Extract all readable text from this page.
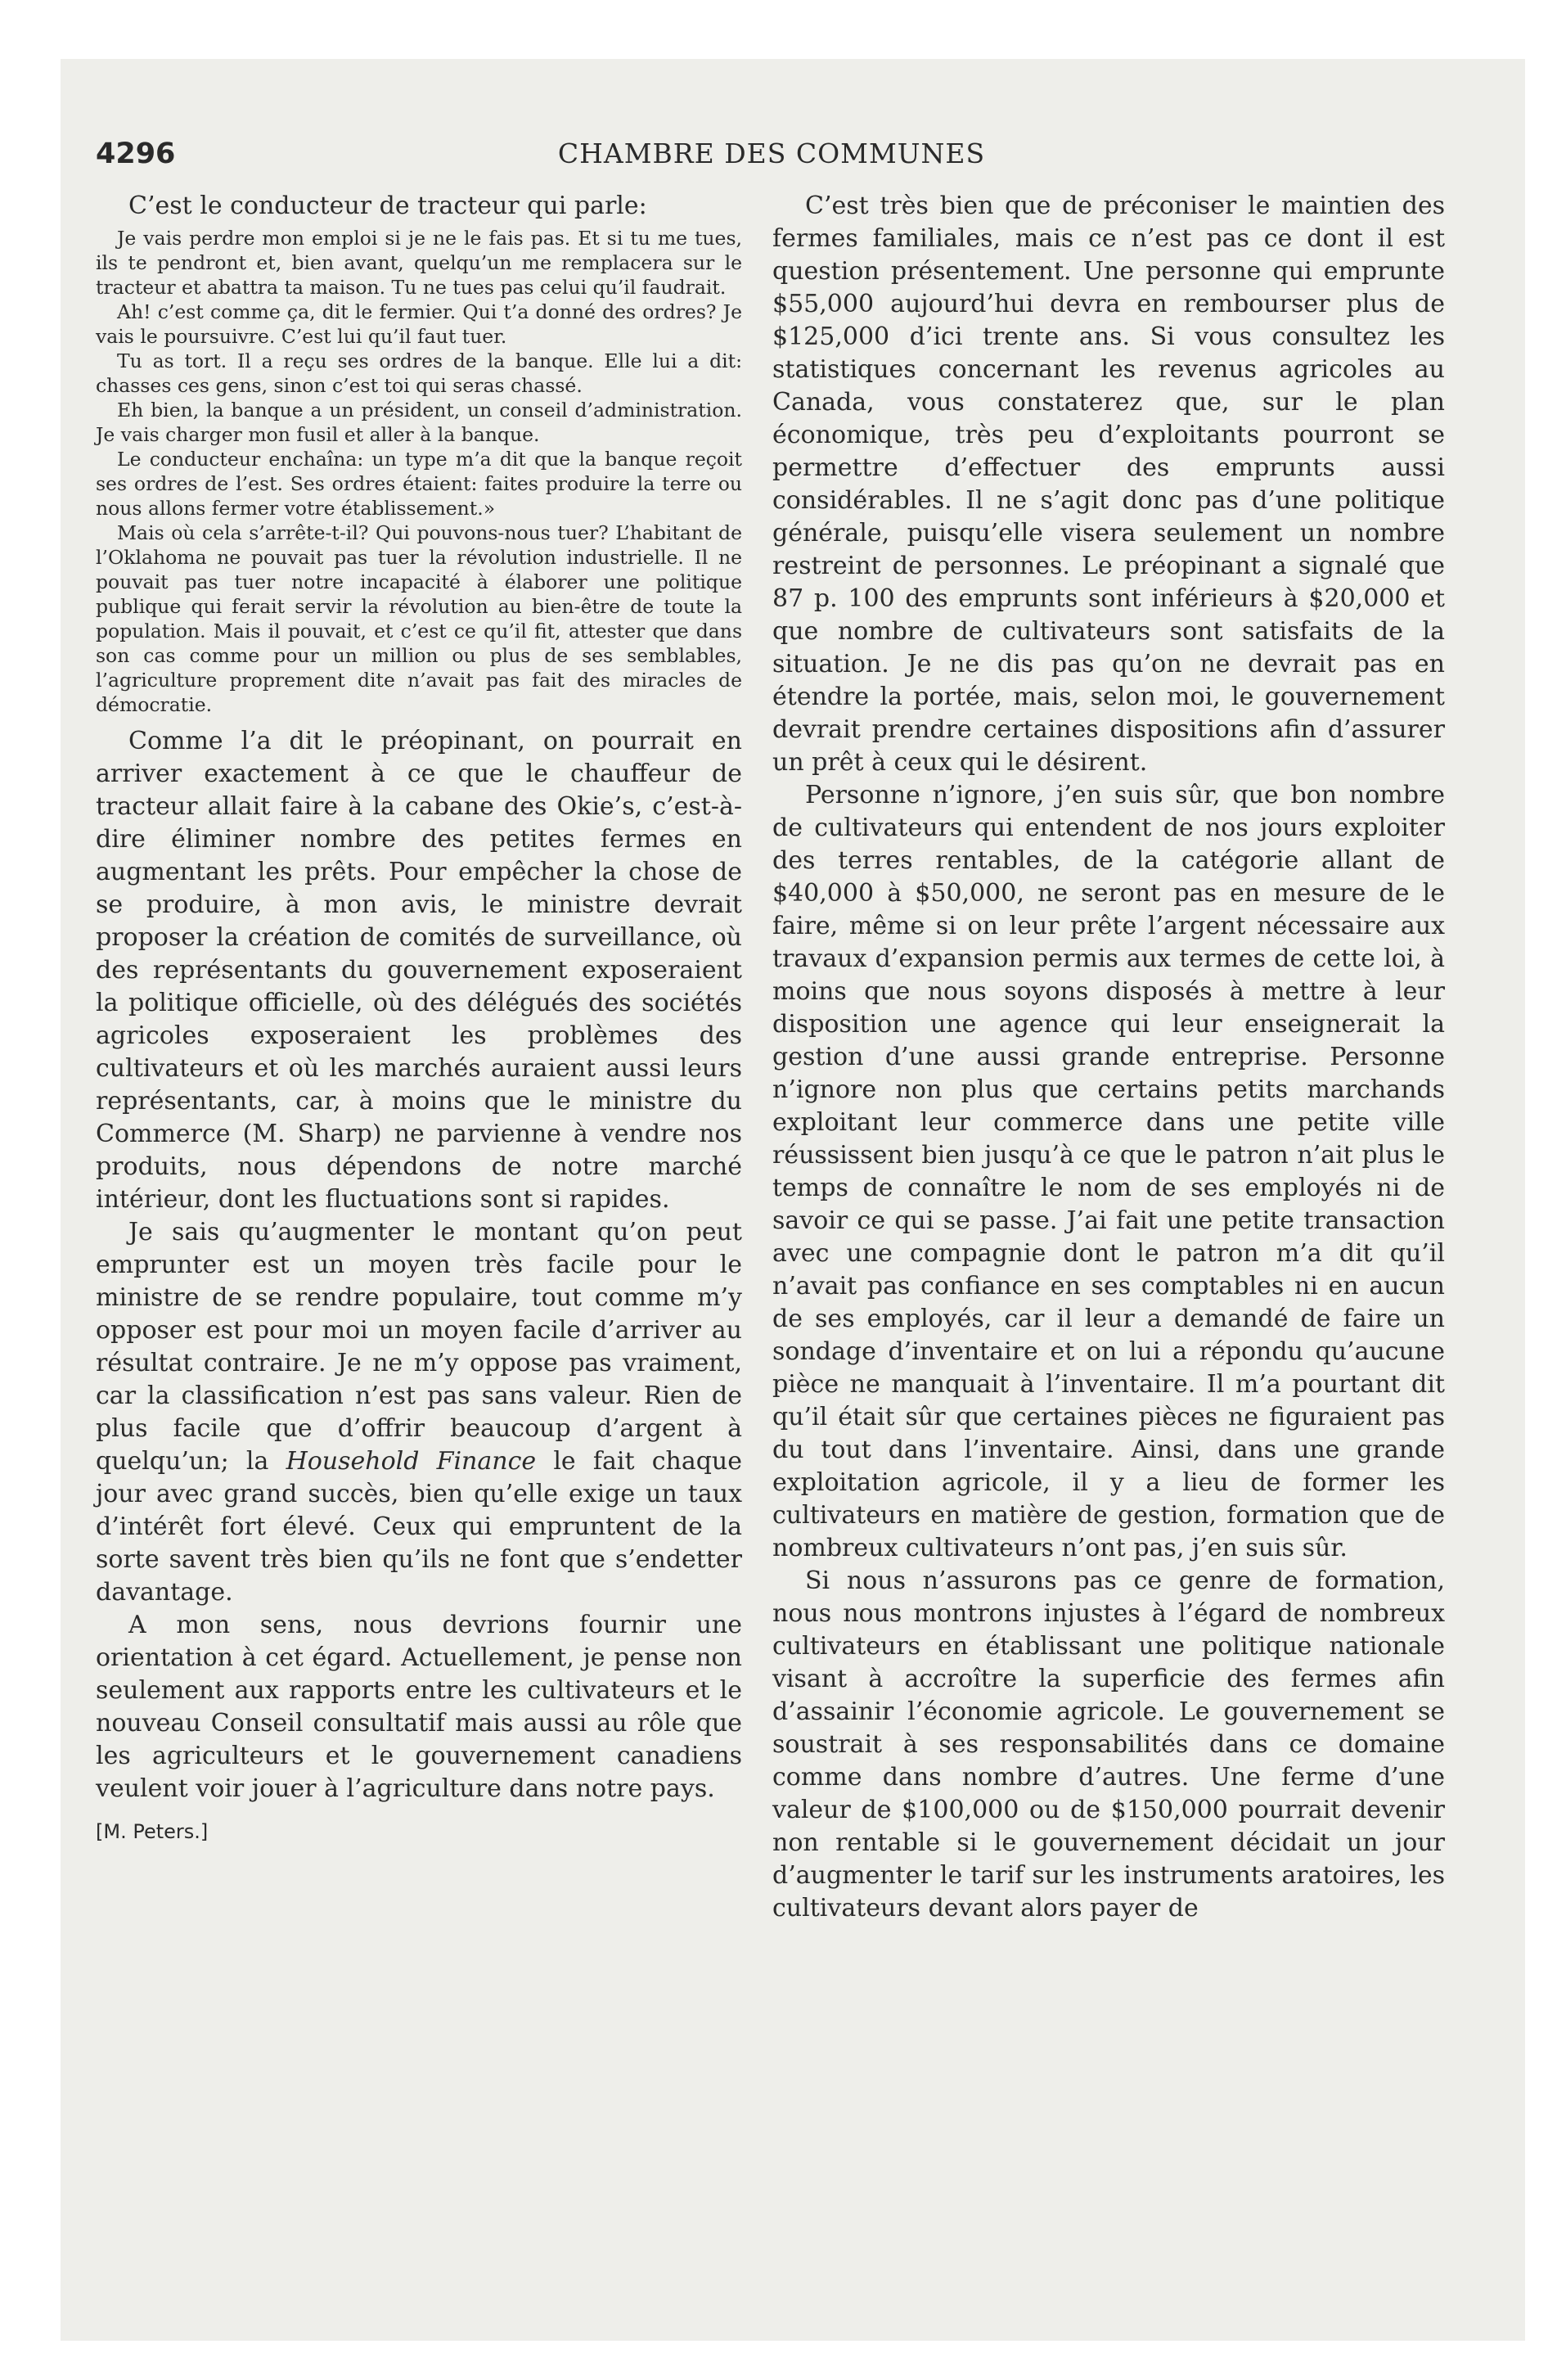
4296	CHAMBRE DES COMMUNES

C’est le conducteur de tracteur qui parle:

Je vais perdre mon emploi si je ne le fais pas. Et si tu me tues, ils te pendront et, bien avant, quelqu’un me remplacera sur le tracteur et abattra ta maison. Tu ne tues pas celui qu’il faudrait.

Ah! c’est comme ça, dit le fermier. Qui t’a donné des ordres? Je vais le poursuivre. C’est lui qu’il faut tuer.

Tu as tort. Il a reçu ses ordres de la banque. Elle lui a dit: chasses ces gens, sinon c’est toi qui seras chassé.

Eh bien, la banque a un président, un conseil d’administration. Je vais charger mon fusil et aller à la banque.

Le conducteur enchaîna: un type m’a dit que la banque reçoit ses ordres de l’est. Ses ordres étaient: faites produire la terre ou nous allons fermer votre établissement.»

Mais où cela s’arrête-t-il? Qui pouvons-nous tuer? L’habitant de l’Oklahoma ne pouvait pas tuer la révolution industrielle. Il ne pouvait pas tuer notre incapacité à élaborer une politique publique qui ferait servir la révolution au bien-être de toute la population. Mais il pouvait, et c’est ce qu’il fit, attester que dans son cas comme pour un million ou plus de ses semblables, l’agriculture proprement dite n’avait pas fait des miracles de démocratie.

Comme l’a dit le préopinant, on pourrait en arriver exactement à ce que le chauffeur de tracteur allait faire à la cabane des Okie’s, c’est-à-dire éliminer nombre des petites fermes en augmentant les prêts. Pour empêcher la chose de se produire, à mon avis, le ministre devrait proposer la création de comités de surveillance, où des représentants du gouvernement exposeraient la politique officielle, où des délégués des sociétés agricoles exposeraient les problèmes des cultivateurs et où les marchés auraient aussi leurs représentants, car, à moins que le ministre du Commerce (M. Sharp) ne parvienne à vendre nos produits, nous dépendons de notre marché intérieur, dont les fluctuations sont si rapides.

Je sais qu’augmenter le montant qu’on peut emprunter est un moyen très facile pour le ministre de se rendre populaire, tout comme m’y opposer est pour moi un moyen facile d’arriver au résultat contraire. Je ne m’y oppose pas vraiment, car la classification n’est pas sans valeur. Rien de plus facile que d’offrir beaucoup d’argent à quelqu’un; la Household Finance le fait chaque jour avec grand succès, bien qu’elle exige un taux d’intérêt fort élevé. Ceux qui empruntent de la sorte savent très bien qu’ils ne font que s’endetter davantage.

A mon sens, nous devrions fournir une orientation à cet égard. Actuellement, je pense non seulement aux rapports entre les cultivateurs et le nouveau Conseil consultatif mais aussi au rôle que les agriculteurs et le gouvernement canadiens veulent voir jouer à l’agriculture dans notre pays.

[M. Peters.]

C’est très bien que de préconiser le maintien des fermes familiales, mais ce n’est pas ce dont il est question présentement. Une personne qui emprunte $55,000 aujourd’hui devra en rembourser plus de $125,000 d’ici trente ans. Si vous consultez les statistiques concernant les revenus agricoles au Canada, vous constaterez que, sur le plan économique, très peu d’exploitants pourront se permettre d’effectuer des emprunts aussi considérables. Il ne s’agit donc pas d’une politique générale, puisqu’elle visera seulement un nombre restreint de personnes. Le préopinant a signalé que 87 p. 100 des emprunts sont inférieurs à $20,000 et que nombre de cultivateurs sont satisfaits de la situation. Je ne dis pas qu’on ne devrait pas en étendre la portée, mais, selon moi, le gouvernement devrait prendre certaines dispositions afin d’assurer un prêt à ceux qui le désirent.

Personne n’ignore, j’en suis sûr, que bon nombre de cultivateurs qui entendent de nos jours exploiter des terres rentables, de la catégorie allant de $40,000 à $50,000, ne seront pas en mesure de le faire, même si on leur prête l’argent nécessaire aux travaux d’expansion permis aux termes de cette loi, à moins que nous soyons disposés à mettre à leur disposition une agence qui leur enseignerait la gestion d’une aussi grande entreprise. Personne n’ignore non plus que certains petits marchands exploitant leur commerce dans une petite ville réussissent bien jusqu’à ce que le patron n’ait plus le temps de connaître le nom de ses employés ni de savoir ce qui se passe. J’ai fait une petite transaction avec une compagnie dont le patron m’a dit qu’il n’avait pas confiance en ses comptables ni en aucun de ses employés, car il leur a demandé de faire un sondage d’inventaire et on lui a répondu qu’aucune pièce ne manquait à l’inventaire. Il m’a pourtant dit qu’il était sûr que certaines pièces ne figuraient pas du tout dans l’inventaire. Ainsi, dans une grande exploitation agricole, il y a lieu de former les cultivateurs en matière de gestion, formation que de nombreux cultivateurs n’ont pas, j’en suis sûr.

Si nous n’assurons pas ce genre de formation, nous nous montrons injustes à l’égard de nombreux cultivateurs en établissant une politique nationale visant à accroître la superficie des fermes afin d’assainir l’économie agricole. Le gouvernement se soustrait à ses responsabilités dans ce domaine comme dans nombre d’autres. Une ferme d’une valeur de $100,000 ou de $150,000 pourrait devenir non rentable si le gouvernement décidait un jour d’augmenter le tarif sur les instruments aratoires, les cultivateurs devant alors payer de
